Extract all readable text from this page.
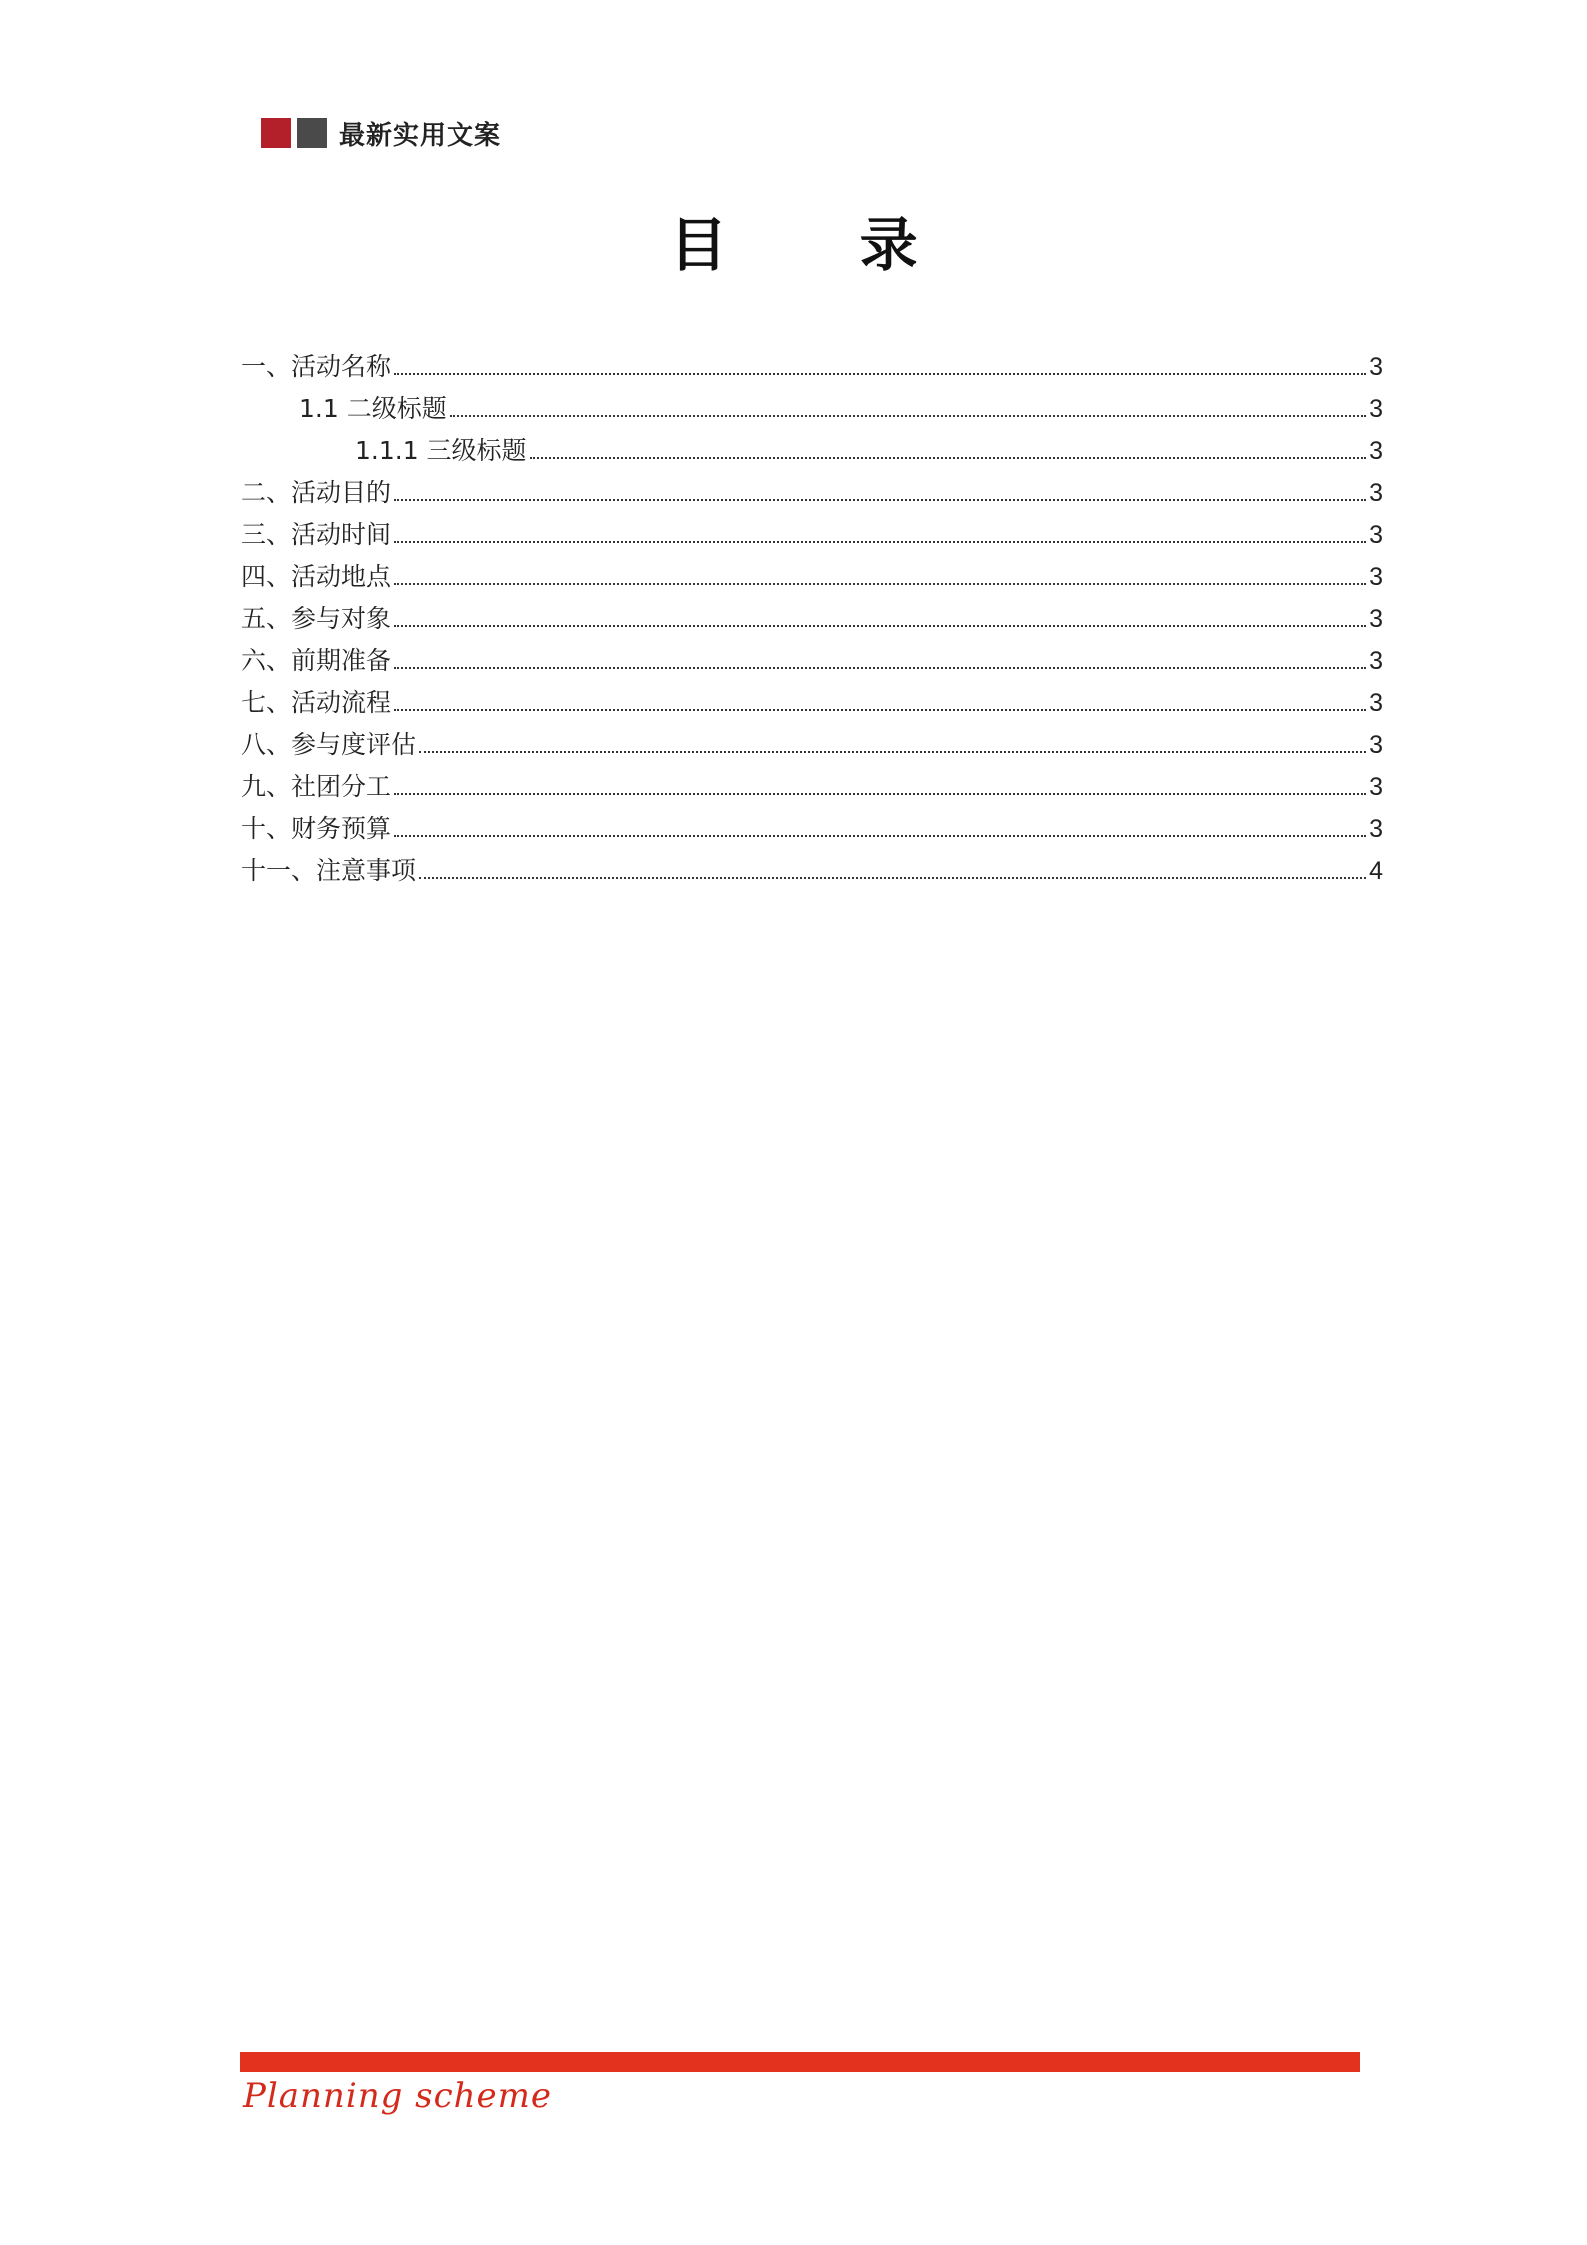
最新实用文案
目 录
一、活动名称	3
1.1 二级标题	3
1.1.1 三级标题	3
二、活动目的	3
三、活动时间	3
四、活动地点	3
五、参与对象	3
六、前期准备	3
七、活动流程	3
八、参与度评估	3
九、社团分工	3
十、财务预算	3
十一、注意事项	4
Planning scheme
